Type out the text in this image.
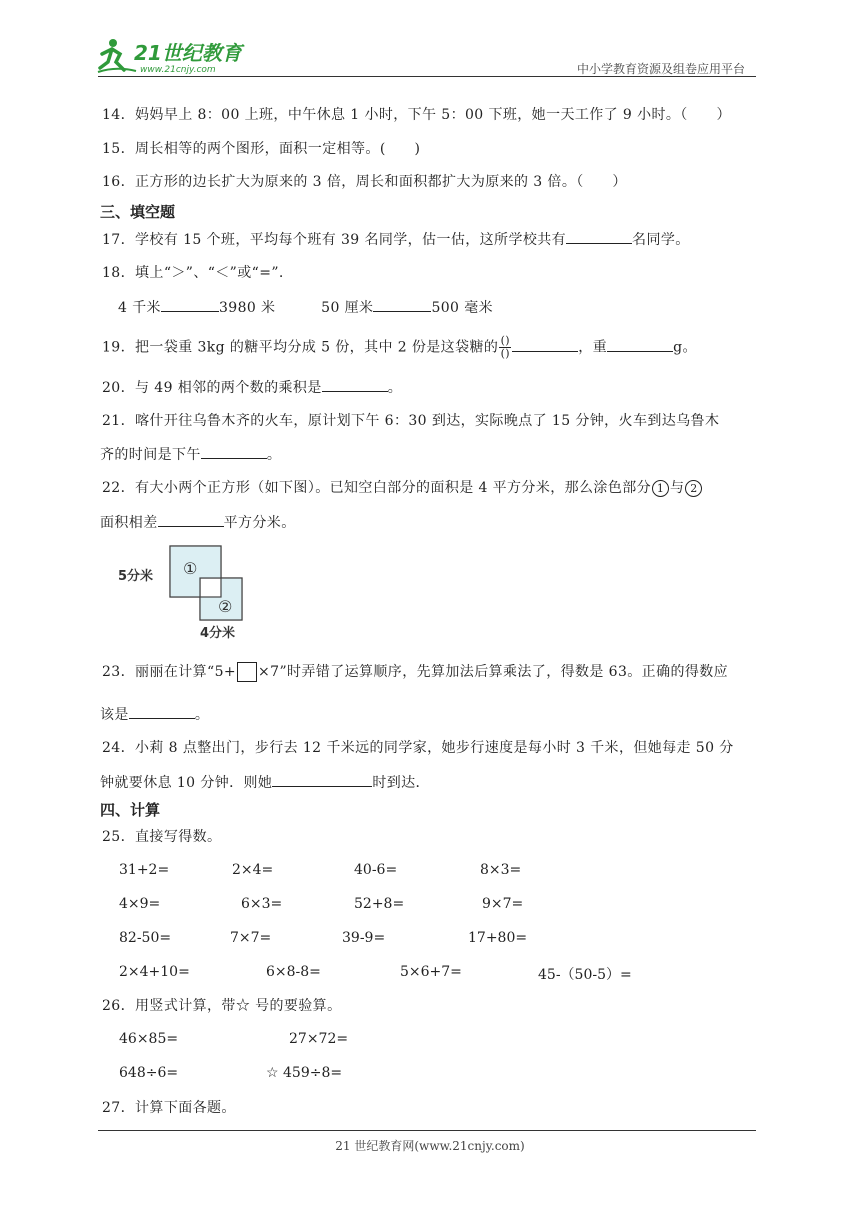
21世纪教育
www.21cnjy.com	中小学教育资源及组卷应用平台
14．妈妈早上 8：00 上班，中午休息 1 小时，下午 5：00 下班，她一天工作了 9 小时。（　　）
15．周长相等的两个图形，面积一定相等。(　　)
16．正方形的边长扩大为原来的 3 倍，周长和面积都扩大为原来的 3 倍。（　　）
三、填空题
17．学校有 15 个班，平均每个班有 39 名同学，估一估，这所学校共有	名同学。
18．填上“＞”、“＜”或“=”.
4 千米	3980 米	50 厘米	500 毫米
19．把一袋重 3kg 的糖平均分成 5 份，其中 2 份是这袋糖的 $\frac{()}{()}$	，重	g。
20．与 49 相邻的两个数的乘积是	。
21．喀什开往乌鲁木齐的火车，原计划下午 6：30 到达，实际晚点了 15 分钟，火车到达乌鲁木
齐的时间是下午	。
22．有大小两个正方形（如下图）。已知空白部分的面积是 4 平方分米，那么涂色部分 1 与 2
面积相差	平方分米。
5分米
4分米
①
②
23．丽丽在计算“5+ ×7”时弄错了运算顺序，先算加法后算乘法了，得数是 63。正确的得数应
该是	。
24．小莉 8 点整出门，步行去 12 千米远的同学家，她步行速度是每小时 3 千米，但她每走 50 分
钟就要休息 10 分钟．则她	时到达．
四、计算
25．直接写得数。
31+2=	2×4=	40-6=	8×3=
4×9=	6×3=	52+8=	9×7=
82-50=	7×7=	39-9=	17+80=
2×4+10=	6×8-8=	5×6+7=	45-（50-5）=
26．用竖式计算，带☆ 号的要验算。
46×85=	27×72=
648÷6=	☆ 459÷8=
27．计算下面各题。
21 世纪教育网(www.21cnjy.com)
